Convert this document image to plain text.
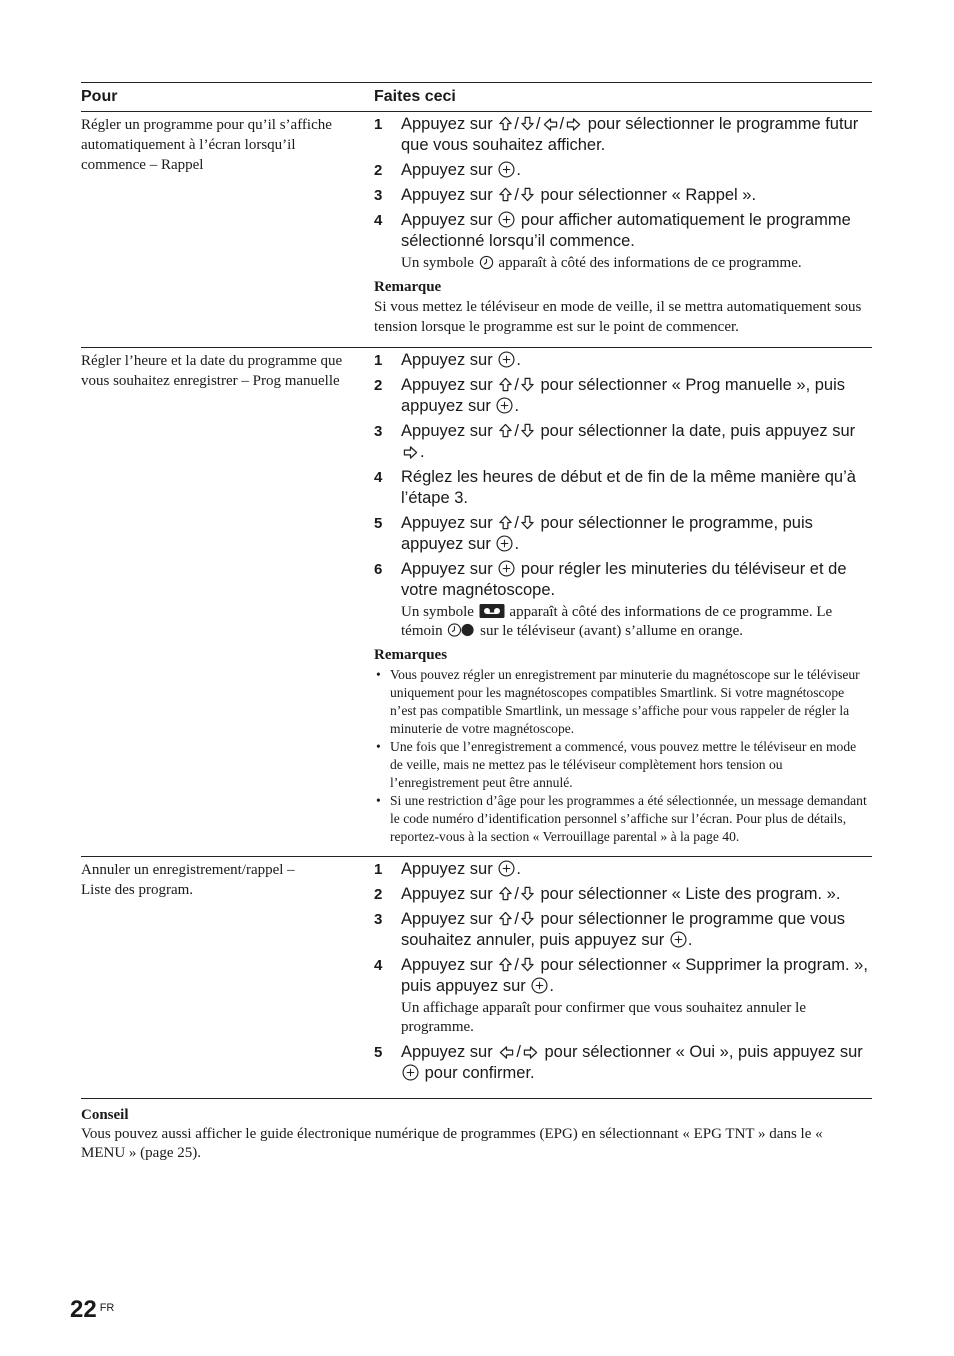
Pour	Faites ceci
Régler un programme pour qu’il s’affiche automatiquement à l’écran lorsqu’il commence – Rappel
1	Appuyez sur / / / pour sélectionner le programme futur que vous souhaitez afficher.
2	Appuyez sur .
3	Appuyez sur / pour sélectionner « Rappel ».
4	Appuyez sur pour afficher automatiquement le programme sélectionné lorsqu’il commence.
Un symbole apparaît à côté des informations de ce programme.
Remarque
Si vous mettez le téléviseur en mode de veille, il se mettra automatiquement sous tension lorsque le programme est sur le point de commencer.
Régler l’heure et la date du programme que vous souhaitez enregistrer – Prog manuelle
1	Appuyez sur .
2	Appuyez sur / pour sélectionner « Prog manuelle », puis appuyez sur .
3	Appuyez sur / pour sélectionner la date, puis appuyez sur .
4	Réglez les heures de début et de fin de la même manière qu’à l’étape 3.
5	Appuyez sur / pour sélectionner le programme, puis appuyez sur .
6	Appuyez sur pour régler les minuteries du téléviseur et de votre magnétoscope.
Un symbole apparaît à côté des informations de ce programme. Le témoin	sur le téléviseur (avant) s’allume en orange.
Remarques
• Vous pouvez régler un enregistrement par minuterie du magnétoscope sur le téléviseur uniquement pour les magnétoscopes compatibles Smartlink. Si votre magnétoscope n’est pas compatible Smartlink, un message s’affiche pour vous rappeler de régler la minuterie de votre magnétoscope.
• Une fois que l’enregistrement a commencé, vous pouvez mettre le téléviseur en mode de veille, mais ne mettez pas le téléviseur complètement hors tension ou l’enregistrement peut être annulé.
• Si une restriction d’âge pour les programmes a été sélectionnée, un message demandant le code numéro d’identification personnel s’affiche sur l’écran. Pour plus de détails, reportez-vous à la section « Verrouillage parental » à la page 40.
Annuler un enregistrement/rappel – Liste des program.
1	Appuyez sur .
2	Appuyez sur / pour sélectionner « Liste des program. ».
3	Appuyez sur / pour sélectionner le programme que vous souhaitez annuler, puis appuyez sur .
4	Appuyez sur / pour sélectionner « Supprimer la program. », puis appuyez sur .
Un affichage apparaît pour confirmer que vous souhaitez annuler le programme.
5	Appuyez sur / pour sélectionner « Oui », puis appuyez sur  pour confirmer.
Conseil
Vous pouvez aussi afficher le guide électronique numérique de programmes (EPG) en sélectionnant « EPG TNT » dans le « MENU » (page 25).
22 $^{FR}$
